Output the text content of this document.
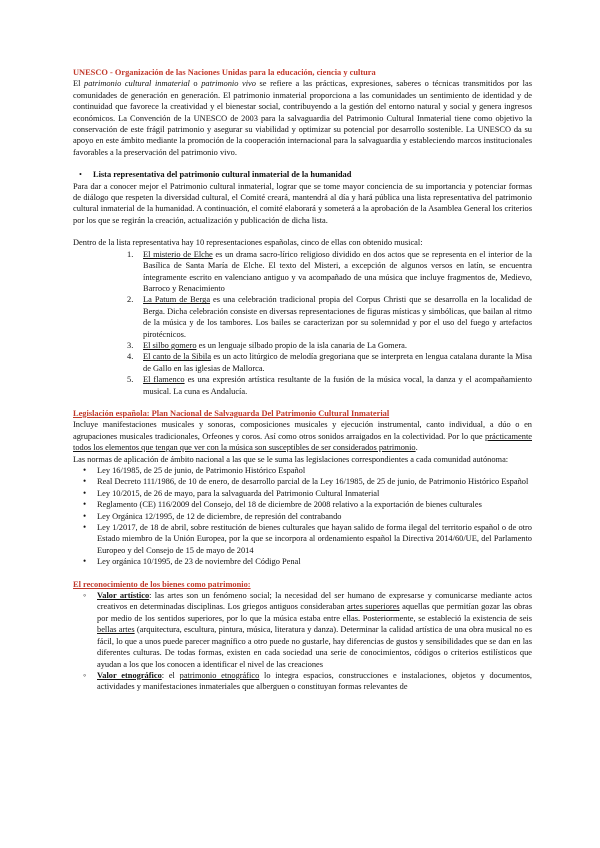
UNESCO - Organización de las Naciones Unidas para la educación, ciencia y cultura

El patrimonio cultural inmaterial o patrimonio vivo se refiere a las prácticas, expresiones, saberes o técnicas transmitidos por las comunidades de generación en generación. El patrimonio inmaterial proporciona a las comunidades un sentimiento de identidad y de continuidad que favorece la creatividad y el bienestar social, contribuyendo a la gestión del entorno natural y social y genera ingresos económicos. La Convención de la UNESCO de 2003 para la salvaguardia del Patrimonio Cultural Inmaterial tiene como objetivo la conservación de este frágil patrimonio y asegurar su viabilidad y optimizar su potencial por desarrollo sostenible. La UNESCO da su apoyo en este ámbito mediante la promoción de la cooperación internacional para la salvaguardia y estableciendo marcos institucionales favorables a la preservación del patrimonio vivo.

• Lista representativa del patrimonio cultural inmaterial de la humanidad

Para dar a conocer mejor el Patrimonio cultural inmaterial, lograr que se tome mayor conciencia de su importancia y potenciar formas de diálogo que respeten la diversidad cultural, el Comité creará, mantendrá al día y hará pública una lista representativa del patrimonio cultural inmaterial de la humanidad. A continuación, el comité elaborará y someterá a la aprobación de la Asamblea General los criterios por los que se regirán la creación, actualización y publicación de dicha lista.

Dentro de la lista representativa hay 10 representaciones españolas, cinco de ellas con obtenido musical:

1. El misterio de Elche es un drama sacro-lírico religioso dividido en dos actos que se representa en el interior de la Basílica de Santa María de Elche. El texto del Misteri, a excepción de algunos versos en latín, se encuentra íntegramente escrito en valenciano antiguo y va acompañado de una música que incluye fragmentos de, Medievo, Barroco y Renacimiento
2. La Patum de Berga es una celebración tradicional propia del Corpus Christi que se desarrolla en la localidad de Berga. Dicha celebración consiste en diversas representaciones de figuras místicas y simbólicas, que bailan al ritmo de la música y de los tambores. Los bailes se caracterizan por su solemnidad y por el uso del fuego y artefactos pirotécnicos.
3. El silbo gomero es un lenguaje silbado propio de la isla canaria de La Gomera.
4. El canto de la Sibila es un acto litúrgico de melodía gregoriana que se interpreta en lengua catalana durante la Misa de Gallo en las iglesias de Mallorca.
5. El flamenco es una expresión artística resultante de la fusión de la música vocal, la danza y el acompañamiento musical. La cuna es Andalucía.

Legislación española: Plan Nacional de Salvaguarda Del Patrimonio Cultural Inmaterial

Incluye manifestaciones musicales y sonoras, composiciones musicales y ejecución instrumental, canto individual, a dúo o en agrupaciones musicales tradicionales, Orfeones y coros. Así como otros sonidos arraigados en la colectividad. Por lo que prácticamente todos los elementos que tengan que ver con la música son susceptibles de ser considerados patrimonio.

Las normas de aplicación de ámbito nacional a las que se le suma las legislaciones correspondientes a cada comunidad autónoma:

• Ley 16/1985, de 25 de junio, de Patrimonio Histórico Español
• Real Decreto 111/1986, de 10 de enero, de desarrollo parcial de la Ley 16/1985, de 25 de junio, de Patrimonio Histórico Español
• Ley 10/2015, de 26 de mayo, para la salvaguarda del Patrimonio Cultural Inmaterial
• Reglamento (CE) 116/2009 del Consejo, del 18 de diciembre de 2008 relativo a la exportación de bienes culturales
• Ley Orgánica 12/1995, de 12 de diciembre, de represión del contrabando
• Ley 1/2017, de 18 de abril, sobre restitución de bienes culturales que hayan salido de forma ilegal del territorio español o de otro Estado miembro de la Unión Europea, por la que se incorpora al ordenamiento español la Directiva 2014/60/UE, del Parlamento Europeo y del Consejo de 15 de mayo de 2014
• Ley orgánica 10/1995, de 23 de noviembre del Código Penal

El reconocimiento de los bienes como patrimonio:

◦ Valor artístico: las artes son un fenómeno social; la necesidad del ser humano de expresarse y comunicarse mediante actos creativos en determinadas disciplinas. Los griegos antiguos consideraban artes superiores aquellas que permitían gozar las obras por medio de los sentidos superiores, por lo que la música estaba entre ellas. Posteriormente, se estableció la existencia de seis bellas artes (arquitectura, escultura, pintura, música, literatura y danza). Determinar la calidad artística de una obra musical no es fácil, lo que a unos puede parecer magnífico a otro puede no gustarle, hay diferencias de gustos y sensibilidades que se dan en las diferentes culturas. De todas formas, existen en cada sociedad una serie de conocimientos, códigos o criterios estilísticos que ayudan a los que los conocen a identificar el nivel de las creaciones
◦ Valor etnográfico: el patrimonio etnográfico lo integra espacios, construcciones e instalaciones, objetos y documentos, actividades y manifestaciones inmateriales que alberguen o constituyan formas relevantes de
